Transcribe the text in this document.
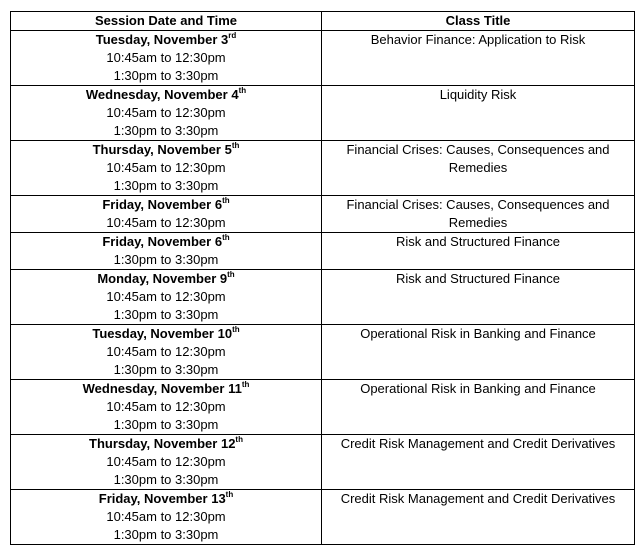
Session Date and Time	Class Title

Tuesday, November 3rd
10:45am to 12:30pm
1:30pm to 3:30pm	Behavior Finance: Application to Risk

Wednesday, November 4th
10:45am to 12:30pm
1:30pm to 3:30pm	Liquidity Risk

Thursday, November 5th
10:45am to 12:30pm
1:30pm to 3:30pm	Financial Crises: Causes, Consequences and Remedies

Friday, November 6th
10:45am to 12:30pm	Financial Crises: Causes, Consequences and Remedies

Friday, November 6th
1:30pm to 3:30pm	Risk and Structured Finance

Monday, November 9th
10:45am to 12:30pm
1:30pm to 3:30pm	Risk and Structured Finance

Tuesday, November 10th
10:45am to 12:30pm
1:30pm to 3:30pm	Operational Risk in Banking and Finance

Wednesday, November 11th
10:45am to 12:30pm
1:30pm to 3:30pm	Operational Risk in Banking and Finance

Thursday, November 12th
10:45am to 12:30pm
1:30pm to 3:30pm	Credit Risk Management and Credit Derivatives

Friday, November 13th
10:45am to 12:30pm
1:30pm to 3:30pm	Credit Risk Management and Credit Derivatives
